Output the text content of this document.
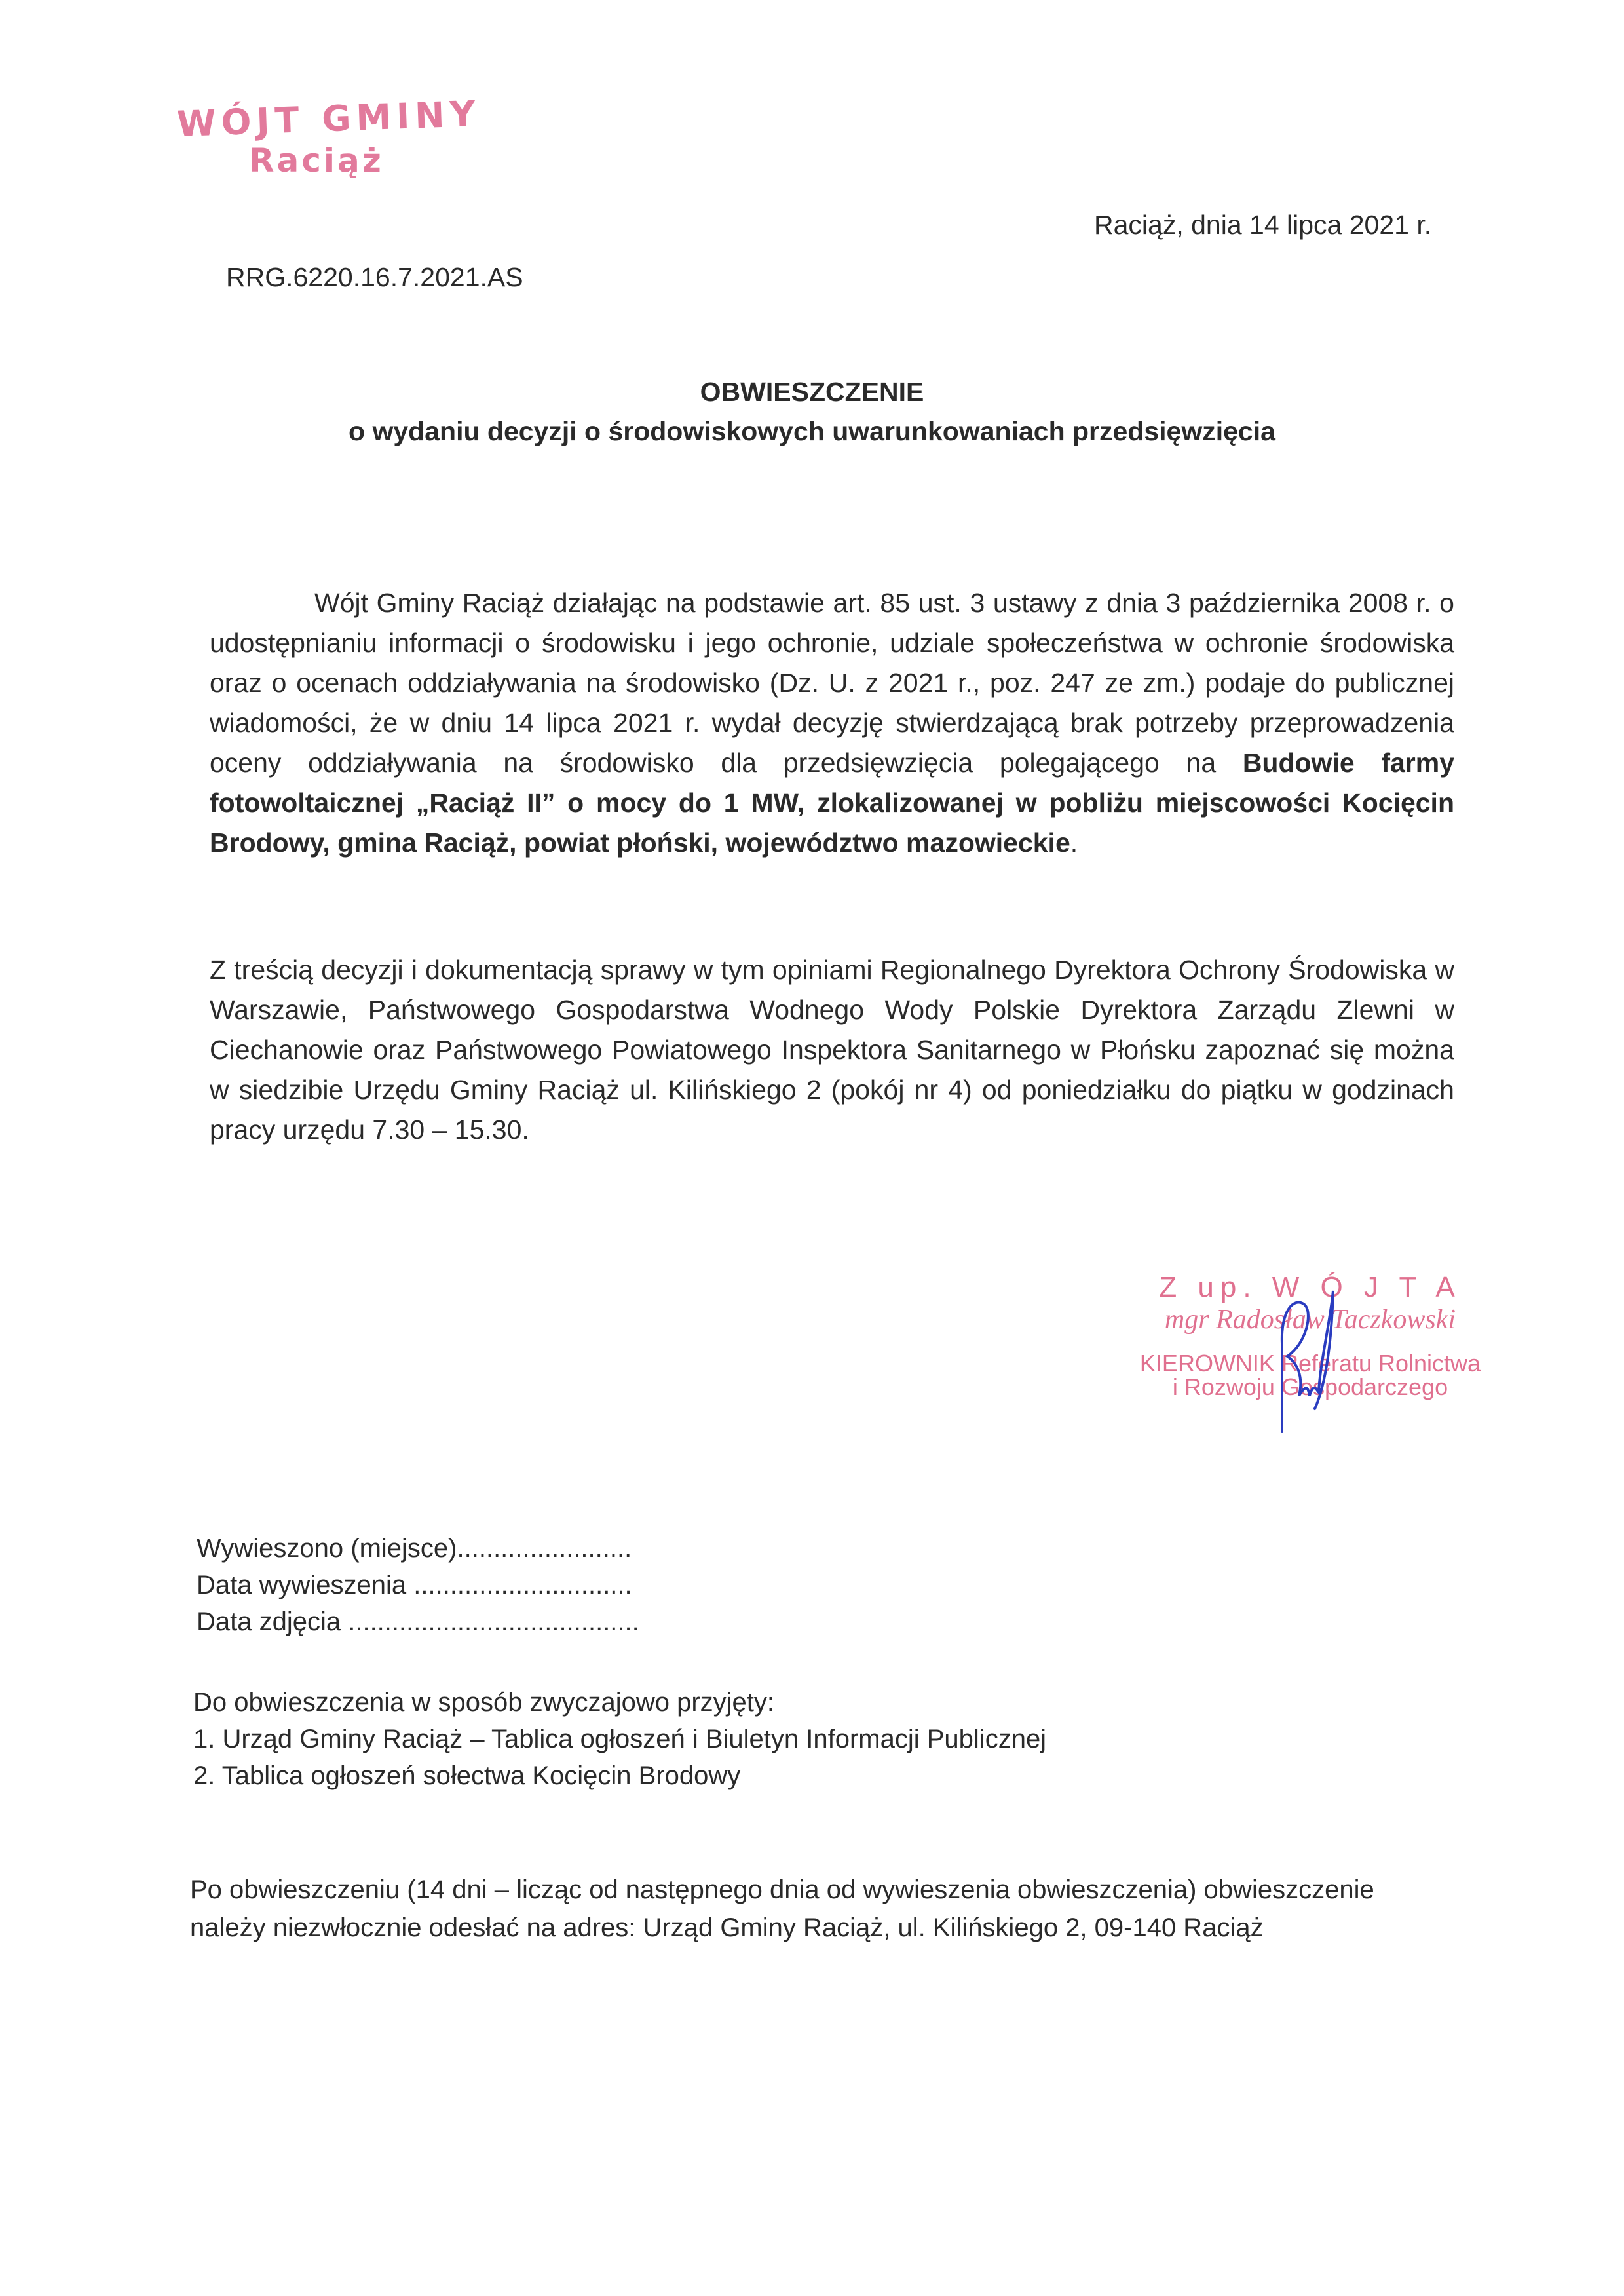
WÓJT GMINY
Raciąż
Raciąż, dnia 14 lipca 2021 r.
RRG.6220.16.7.2021.AS
OBWIESZCZENIE
o wydaniu decyzji o środowiskowych uwarunkowaniach przedsięwzięcia
Wójt Gminy Raciąż działając na podstawie art. 85 ust. 3 ustawy z dnia 3 października 2008 r. o udostępnianiu informacji o środowisku i jego ochronie, udziale społeczeństwa w ochronie środowiska oraz o ocenach oddziaływania na środowisko (Dz. U. z 2021 r., poz. 247 ze zm.) podaje do publicznej wiadomości, że w dniu 14 lipca 2021 r. wydał decyzję stwierdzającą brak potrzeby przeprowadzenia oceny oddziaływania na środowisko dla przedsięwzięcia polegającego na Budowie farmy fotowoltaicznej „Raciąż II” o mocy do 1 MW, zlokalizowanej w pobliżu miejscowości Kocięcin Brodowy, gmina Raciąż, powiat płoński, województwo mazowieckie.
Z treścią decyzji i dokumentacją sprawy w tym opiniami Regionalnego Dyrektora Ochrony Środowiska w Warszawie, Państwowego Gospodarstwa Wodnego Wody Polskie Dyrektora Zarządu Zlewni w Ciechanowie oraz Państwowego Powiatowego Inspektora Sanitarnego w Płońsku zapoznać się można w siedzibie Urzędu Gminy Raciąż ul. Kilińskiego 2 (pokój nr 4) od poniedziałku do piątku w godzinach pracy urzędu 7.30 – 15.30.
Z up. W Ó J T A
mgr Radosław Taczkowski
KIEROWNIK Referatu Rolnictwa
i Rozwoju Gospodarczego
Wywieszono (miejsce)........................
Data wywieszenia ..............................
Data zdjęcia ........................................
Do obwieszczenia w sposób zwyczajowo przyjęty:
1. Urząd Gminy Raciąż – Tablica ogłoszeń i Biuletyn Informacji Publicznej
2. Tablica ogłoszeń sołectwa Kocięcin Brodowy
Po obwieszczeniu (14 dni – licząc od następnego dnia od wywieszenia obwieszczenia) obwieszczenie należy niezwłocznie odesłać na adres: Urząd Gminy Raciąż, ul. Kilińskiego 2, 09-140 Raciąż
